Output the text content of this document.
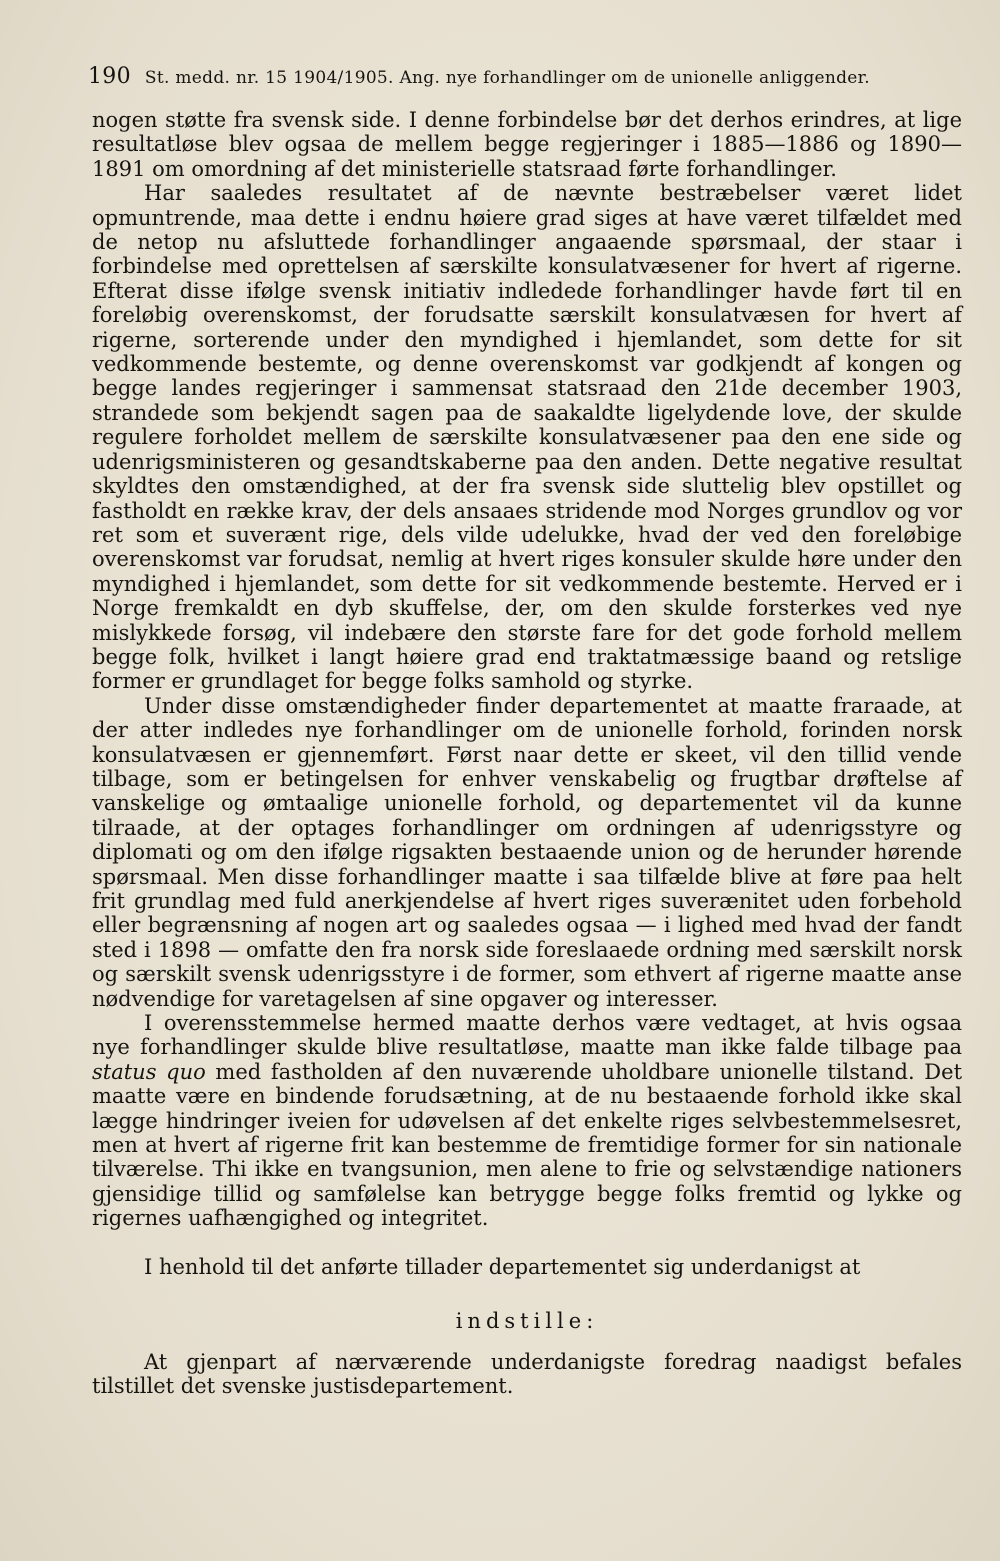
190 St. medd. nr. 15 1904/1905. Ang. nye forhandlinger om de unionelle anliggender.

nogen støtte fra svensk side. I denne forbindelse bør det derhos erindres, at lige resultatløse blev ogsaa de mellem begge regjeringer i 1885—1886 og 1890—1891 om omordning af det ministerielle statsraad førte forhandlinger.

Har saaledes resultatet af de nævnte bestræbelser været lidet opmuntrende, maa dette i endnu høiere grad siges at have været tilfældet med de netop nu afsluttede forhandlinger angaaende spørsmaal, der staar i forbindelse med oprettelsen af særskilte konsulatvæsener for hvert af rigerne. Efterat disse ifølge svensk initiativ indledede forhandlinger havde ført til en foreløbig overenskomst, der forudsatte særskilt konsulatvæsen for hvert af rigerne, sorterende under den myndighed i hjemlandet, som dette for sit vedkommende bestemte, og denne overenskomst var godkjendt af kongen og begge landes regjeringer i sammensat statsraad den 21de december 1903, strandede som bekjendt sagen paa de saakaldte ligelydende love, der skulde regulere forholdet mellem de særskilte konsulatvæsener paa den ene side og udenrigsministeren og gesandtskaberne paa den anden. Dette negative resultat skyldtes den omstændighed, at der fra svensk side sluttelig blev opstillet og fastholdt en række krav, der dels ansaaes stridende mod Norges grundlov og vor ret som et suverænt rige, dels vilde udelukke, hvad der ved den foreløbige overenskomst var forudsat, nemlig at hvert riges konsuler skulde høre under den myndighed i hjemlandet, som dette for sit vedkommende bestemte. Herved er i Norge fremkaldt en dyb skuffelse, der, om den skulde forsterkes ved nye mislykkede forsøg, vil indebære den største fare for det gode forhold mellem begge folk, hvilket i langt høiere grad end traktatmæssige baand og retslige former er grundlaget for begge folks samhold og styrke.

Under disse omstændigheder finder departementet at maatte fraraade, at der atter indledes nye forhandlinger om de unionelle forhold, forinden norsk konsulatvæsen er gjennemført. Først naar dette er skeet, vil den tillid vende tilbage, som er betingelsen for enhver venskabelig og frugtbar drøftelse af vanskelige og ømtaalige unionelle forhold, og departementet vil da kunne tilraade, at der optages forhandlinger om ordningen af udenrigsstyre og diplomati og om den ifølge rigsakten bestaaende union og de herunder hørende spørsmaal. Men disse forhandlinger maatte i saa tilfælde blive at føre paa helt frit grundlag med fuld anerkjendelse af hvert riges suverænitet uden forbehold eller begrænsning af nogen art og saaledes ogsaa — i lighed med hvad der fandt sted i 1898 — omfatte den fra norsk side foreslaaede ordning med særskilt norsk og særskilt svensk udenrigsstyre i de former, som ethvert af rigerne maatte anse nødvendige for varetagelsen af sine opgaver og interesser.

I overensstemmelse hermed maatte derhos være vedtaget, at hvis ogsaa nye forhandlinger skulde blive resultatløse, maatte man ikke falde tilbage paa status quo med fastholden af den nuværende uholdbare unionelle tilstand. Det maatte være en bindende forudsætning, at de nu bestaaende forhold ikke skal lægge hindringer iveien for udøvelsen af det enkelte riges selvbestemmelsesret, men at hvert af rigerne frit kan bestemme de fremtidige former for sin nationale tilværelse. Thi ikke en tvangsunion, men alene to frie og selvstændige nationers gjensidige tillid og samfølelse kan betrygge begge folks fremtid og lykke og rigernes uafhængighed og integritet.

I henhold til det anførte tillader departementet sig underdanigst at

indstille:

At gjenpart af nærværende underdanigste foredrag naadigst befales tilstillet det svenske justisdepartement.
